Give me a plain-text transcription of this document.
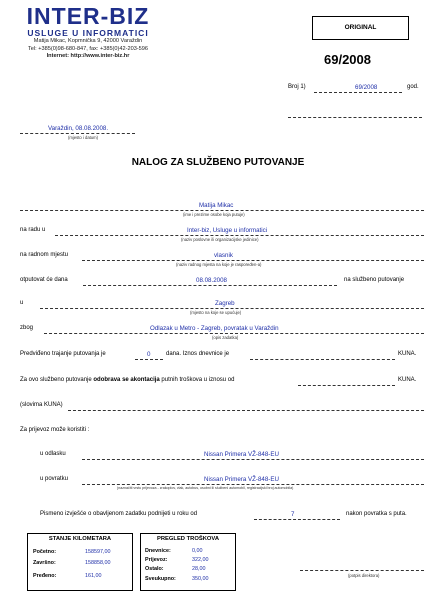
INTER-BIZ
USLUGE U INFORMATICI
Matija Mikac, Kopmnička 9, 42000 Varaždin
Tel: +385(0)98-680-847, fax: +385(0)42-203-596
Internet: http://www.inter-biz.hr
ORIGINAL
69/2008
Broj 1)	69/2008	god.
Varaždin, 08.08.2008.
(mjesto i datum)
NALOG ZA SLUŽBENO PUTOVANJE
Matija Mikac
(ime i prezime osobe koja putuje)
na radu u	Inter-biz, Usluge u informatici
(naziv poslovne ili organizacijske jedinice)
na radnom mjestu	vlasnik
(naziv radnog mjesta na koje je raspoređen-a)
otputovat će dana	08.08.2008	na službeno putovanje
u	Zagreb
(mjesto na koje se upućuje)
zbog	Odlazak u Metro - Zagreb, povratak u Varaždin
(opis zadatka)
Predviđeno trajanje putovanja je	0	dana. Iznos dnevnice je	KUNA.
Za ovo službeno putovanje odobrava se akontacija putnih troškova u iznosu od	KUNA.
(slovima KUNA)
Za prijevoz može koristiti :
u odlasku	Nissan Primera VŽ-848-EU
u povratku	Nissan Primera VŽ-848-EU
(naznačiti vrstu prijevoza - zrakoplov, vlak, autobus, osobni ili službeni automobil, registracijski broj automobila)
Pismeno izvješće o obavljenom zadatku podnijeti u roku od	7	nakon povratka s puta.
STANJE KILOMETARA
Početno:	158597,00
Završno:	158858,00
Pređeno:	161,00
PREGLED TROŠKOVA
Dnevnice:	0,00
Prijevoz:	322,00
Ostalo:	28,00
Sveukupno:	350,00
(potpis direktora)
